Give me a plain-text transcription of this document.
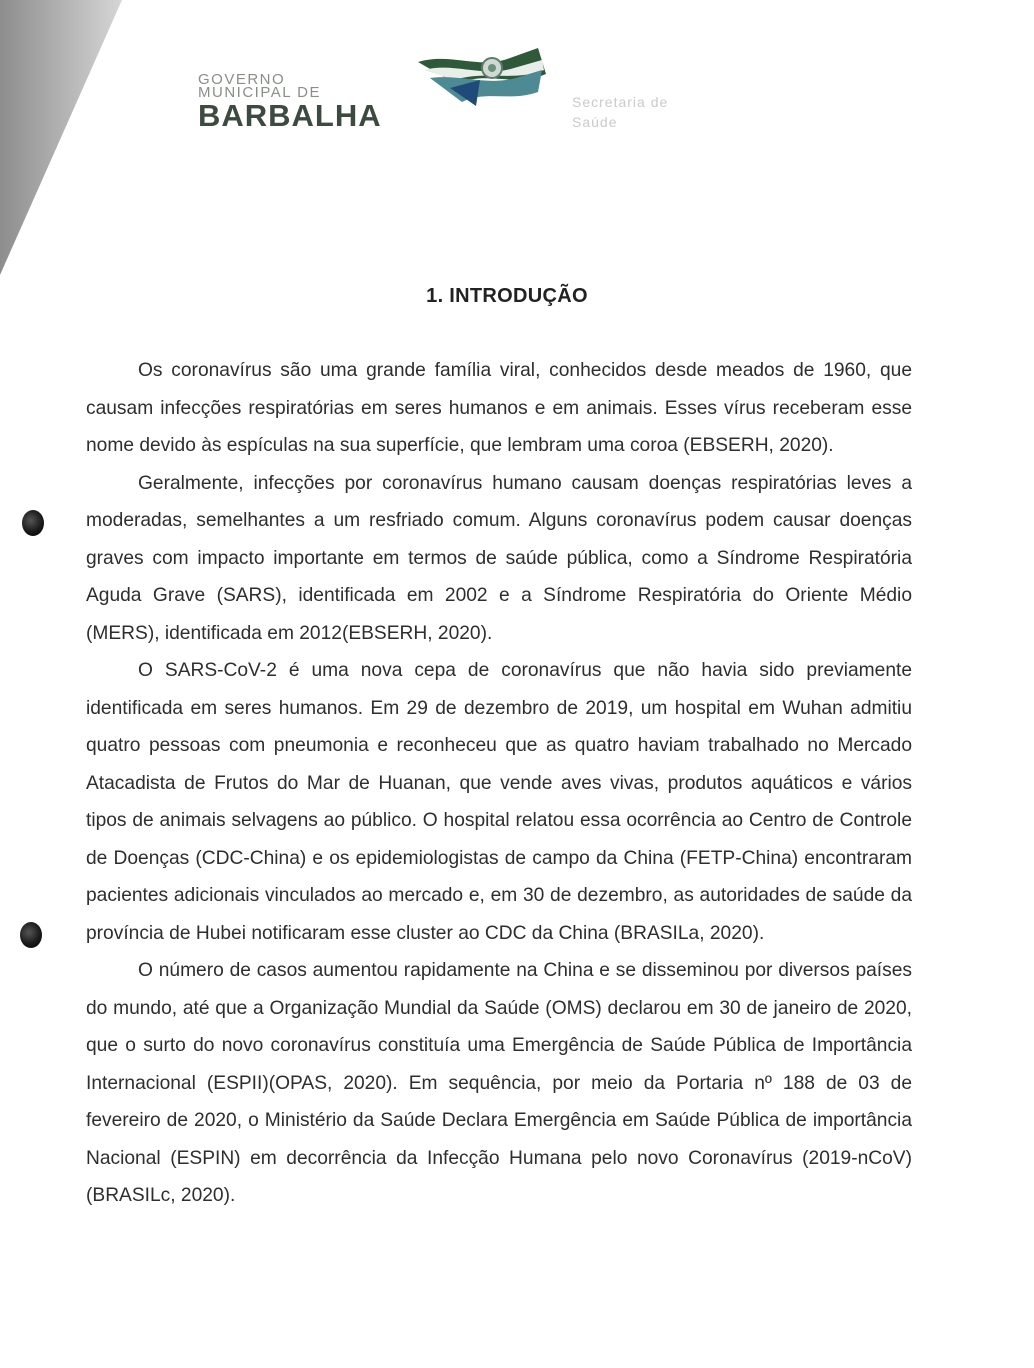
GOVERNO
MUNICIPAL DE
BARBALHA	Secretaria de
Saúde
1. INTRODUÇÃO

Os coronavírus são uma grande família viral, conhecidos desde meados de 1960, que causam infecções respiratórias em seres humanos e em animais. Esses vírus receberam esse nome devido às espículas na sua superfície, que lembram uma coroa (EBSERH, 2020).

Geralmente, infecções por coronavírus humano causam doenças respiratórias leves a moderadas, semelhantes a um resfriado comum. Alguns coronavírus podem causar doenças graves com impacto importante em termos de saúde pública, como a Síndrome Respiratória Aguda Grave (SARS), identificada em 2002 e a Síndrome Respiratória do Oriente Médio (MERS), identificada em 2012(EBSERH, 2020).

O SARS-CoV-2 é uma nova cepa de coronavírus que não havia sido previamente identificada em seres humanos. Em 29 de dezembro de 2019, um hospital em Wuhan admitiu quatro pessoas com pneumonia e reconheceu que as quatro haviam trabalhado no Mercado Atacadista de Frutos do Mar de Huanan, que vende aves vivas, produtos aquáticos e vários tipos de animais selvagens ao público. O hospital relatou essa ocorrência ao Centro de Controle de Doenças (CDC-China) e os epidemiologistas de campo da China (FETP-China) encontraram pacientes adicionais vinculados ao mercado e, em 30 de dezembro, as autoridades de saúde da província de Hubei notificaram esse cluster ao CDC da China (BRASILa, 2020).

O número de casos aumentou rapidamente na China e se disseminou por diversos países do mundo, até que a Organização Mundial da Saúde (OMS) declarou em 30 de janeiro de 2020, que o surto do novo coronavírus constituía uma Emergência de Saúde Pública de Importância Internacional (ESPII)(OPAS, 2020). Em sequência, por meio da Portaria nº 188 de 03 de fevereiro de 2020, o Ministério da Saúde Declara Emergência em Saúde Pública de importância Nacional (ESPIN) em decorrência da Infecção Humana pelo novo Coronavírus (2019-nCoV) (BRASILc, 2020).
